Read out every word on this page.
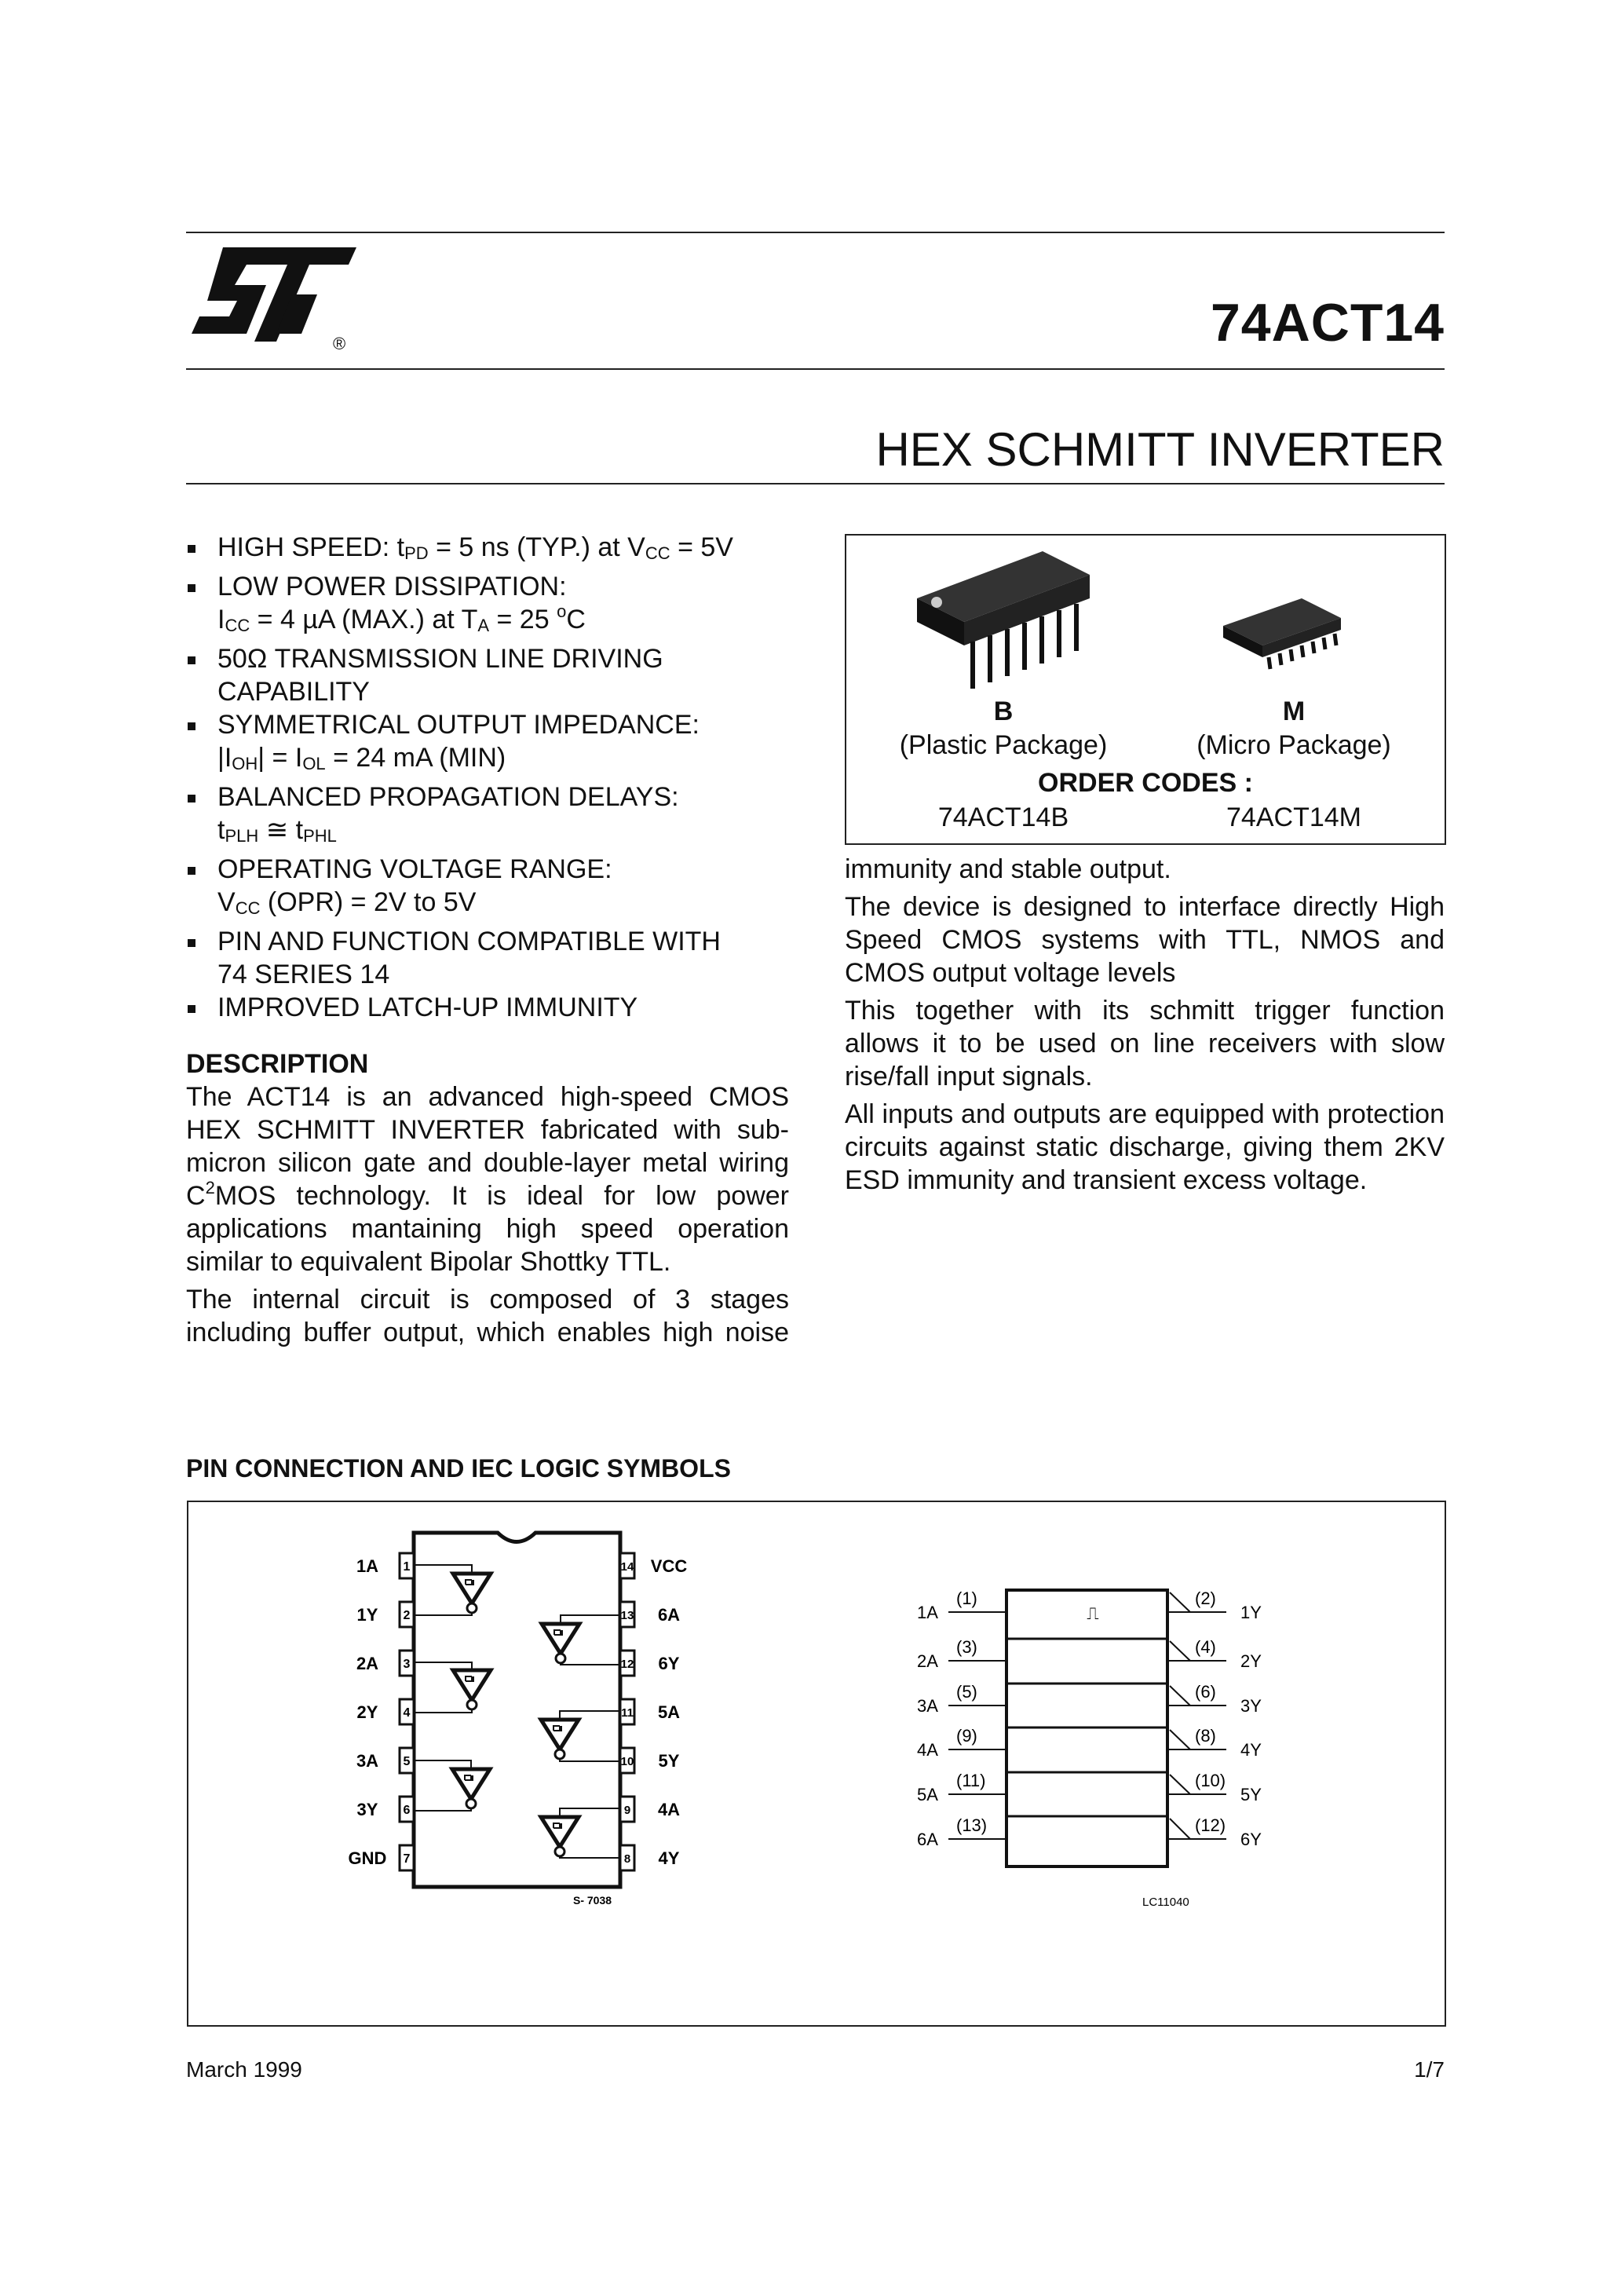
®	74ACT14
HEX SCHMITT INVERTER
HIGH SPEED: $t_{PD} = 5$ ns (TYP.) at $V_{CC} = 5V$
LOW POWER DISSIPATION:
$I_{CC} = 4$ µA (MAX.) at $T_A = 25$ $^o$C
50Ω TRANSMISSION LINE DRIVING
CAPABILITY
SYMMETRICAL OUTPUT IMPEDANCE:
$|I_{OH}| = I_{OL} = 24$ mA (MIN)
BALANCED PROPAGATION DELAYS:
$t_{PLH}$ ≅ $t_{PHL}$
OPERATING VOLTAGE RANGE:
$V_{CC}$ (OPR) = 2V to 5V
PIN AND FUNCTION COMPATIBLE WITH
74 SERIES 14
IMPROVED LATCH-UP IMMUNITY

DESCRIPTION

The ACT14 is an advanced high-speed CMOS HEX SCHMITT INVERTER fabricated with sub-micron silicon gate and double-layer metal wiring $C^2MOS$ technology. It is ideal for low power applications mantaining high speed operation similar to equivalent Bipolar Shottky TTL.

The internal circuit is composed of 3 stages including buffer output, which enables high noise

B
(Plastic Package)
M
(Micro Package)
ORDER CODES :
74ACT14B	74ACT14M

immunity and stable output.

The device is designed to interface directly High Speed CMOS systems with TTL, NMOS and CMOS output voltage levels

This together with its schmitt trigger function allows it to be used on line receivers with slow rise/fall input signals.

All inputs and outputs are equipped with protection circuits against static discharge, giving them 2KV ESD immunity and transient excess voltage.

PIN CONNECTION AND IEC LOGIC SYMBOLS
1
1A	14 VCC
2
1Y	13 6A
3
2A	12 6Y
4
2Y	11 5A
5
3A	10 5Y
6
3Y	9 4A
7
GND	8 4Y
S- 7038
⎍
1A
(1)	(2)
1Y
2A
(3)	(4)
2Y
3A
(5)	(6)
3Y
4A
(9)	(8)
4Y
5A
(11)	(10)
5Y
6A
(13)	(12)
6Y
LC11040
March 1999	1/7
